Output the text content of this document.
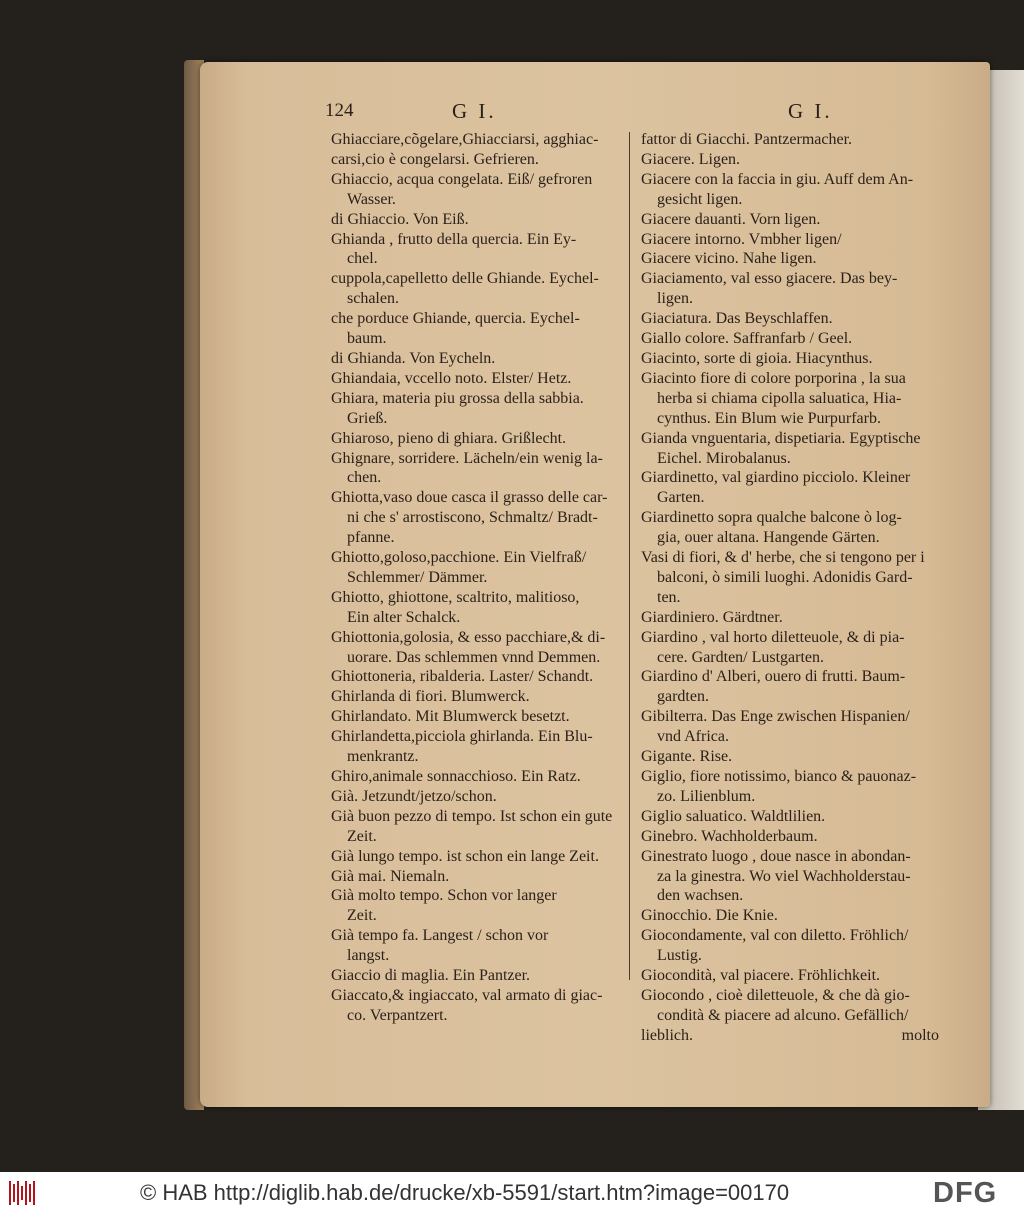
124	G I.	G I.
Ghiacciare,cõgelare,Ghiacciarsi, agghiac-
carsi,cio è congelarsi. Gefrieren.
Ghiaccio, acqua congelata. Eiß/ gefroren
Wasser.
di Ghiaccio. Von Eiß.
Ghianda , frutto della quercia. Ein Ey-
chel.
cuppola,capelletto delle Ghiande. Eychel-
schalen.
che porduce Ghiande, quercia. Eychel-
baum.
di Ghianda. Von Eycheln.
Ghiandaia, vccello noto. Elster/ Hetz.
Ghiara, materia piu grossa della sabbia.
Grieß.
Ghiaroso, pieno di ghiara. Grißlecht.
Ghignare, sorridere. Lächeln/ein wenig la-
chen.
Ghiotta,vaso doue casca il grasso delle car-
ni che s' arrostiscono, Schmaltz/ Bradt-
pfanne.
Ghiotto,goloso,pacchione. Ein Vielfraß/
Schlemmer/ Dämmer.
Ghiotto, ghiottone, scaltrito, malitioso,
Ein alter Schalck.
Ghiottonia,golosia, & esso pacchiare,& di-
uorare. Das schlemmen vnnd Demmen.
Ghiottoneria, ribalderia. Laster/ Schandt.
Ghirlanda di fiori. Blumwerck.
Ghirlandato. Mit Blumwerck besetzt.
Ghirlandetta,picciola ghirlanda. Ein Blu-
menkrantz.
Ghiro,animale sonnacchioso. Ein Ratz.
Già. Jetzundt/jetzo/schon.
Già buon pezzo di tempo. Ist schon ein gute
Zeit.
Già lungo tempo. ist schon ein lange Zeit.
Già mai. Niemaln.
Già molto tempo. Schon vor langer
Zeit.
Già tempo fa. Langest / schon vor
langst.
Giaccio di maglia. Ein Pantzer.
Giaccato,& ingiaccato, val armato di giac-
co. Verpantzert.
fattor di Giacchi. Pantzermacher.
Giacere. Ligen.
Giacere con la faccia in giu. Auff dem An-
gesicht ligen.
Giacere dauanti. Vorn ligen.
Giacere intorno. Vmbher ligen/
Giacere vicino. Nahe ligen.
Giaciamento, val esso giacere. Das bey-
ligen.
Giaciatura. Das Beyschlaffen.
Giallo colore. Saffranfarb / Geel.
Giacinto, sorte di gioia. Hiacynthus.
Giacinto fiore di colore porporina , la sua
herba si chiama cipolla saluatica, Hia-
cynthus. Ein Blum wie Purpurfarb.
Gianda vnguentaria, dispetiaria. Egyptische
Eichel. Mirobalanus.
Giardinetto, val giardino picciolo. Kleiner
Garten.
Giardinetto sopra qualche balcone ò log-
gia, ouer altana. Hangende Gärten.
Vasi di fiori, & d' herbe, che si tengono per i
balconi, ò simili luoghi. Adonidis Gard-
ten.
Giardiniero. Gärdtner.
Giardino , val horto diletteuole, & di pia-
cere. Gardten/ Lustgarten.
Giardino d' Alberi, ouero di frutti. Baum-
gardten.
Gibilterra. Das Enge zwischen Hispanien/
vnd Africa.
Gigante. Rise.
Giglio, fiore notissimo, bianco & pauonaz-
zo. Lilienblum.
Giglio saluatico. Waldtlilien.
Ginebro. Wachholderbaum.
Ginestrato luogo , doue nasce in abondan-
za la ginestra. Wo viel Wachholderstau-
den wachsen.
Ginocchio. Die Knie.
Giocondamente, val con diletto. Fröhlich/
Lustig.
Giocondità, val piacere. Fröhlichkeit.
Giocondo , cioè diletteuole, & che dà gio-
condità & piacere ad alcuno. Gefällich/
lieblich.	molto
© HAB http://diglib.hab.de/drucke/xb-5591/start.htm?image=00170	DFG
